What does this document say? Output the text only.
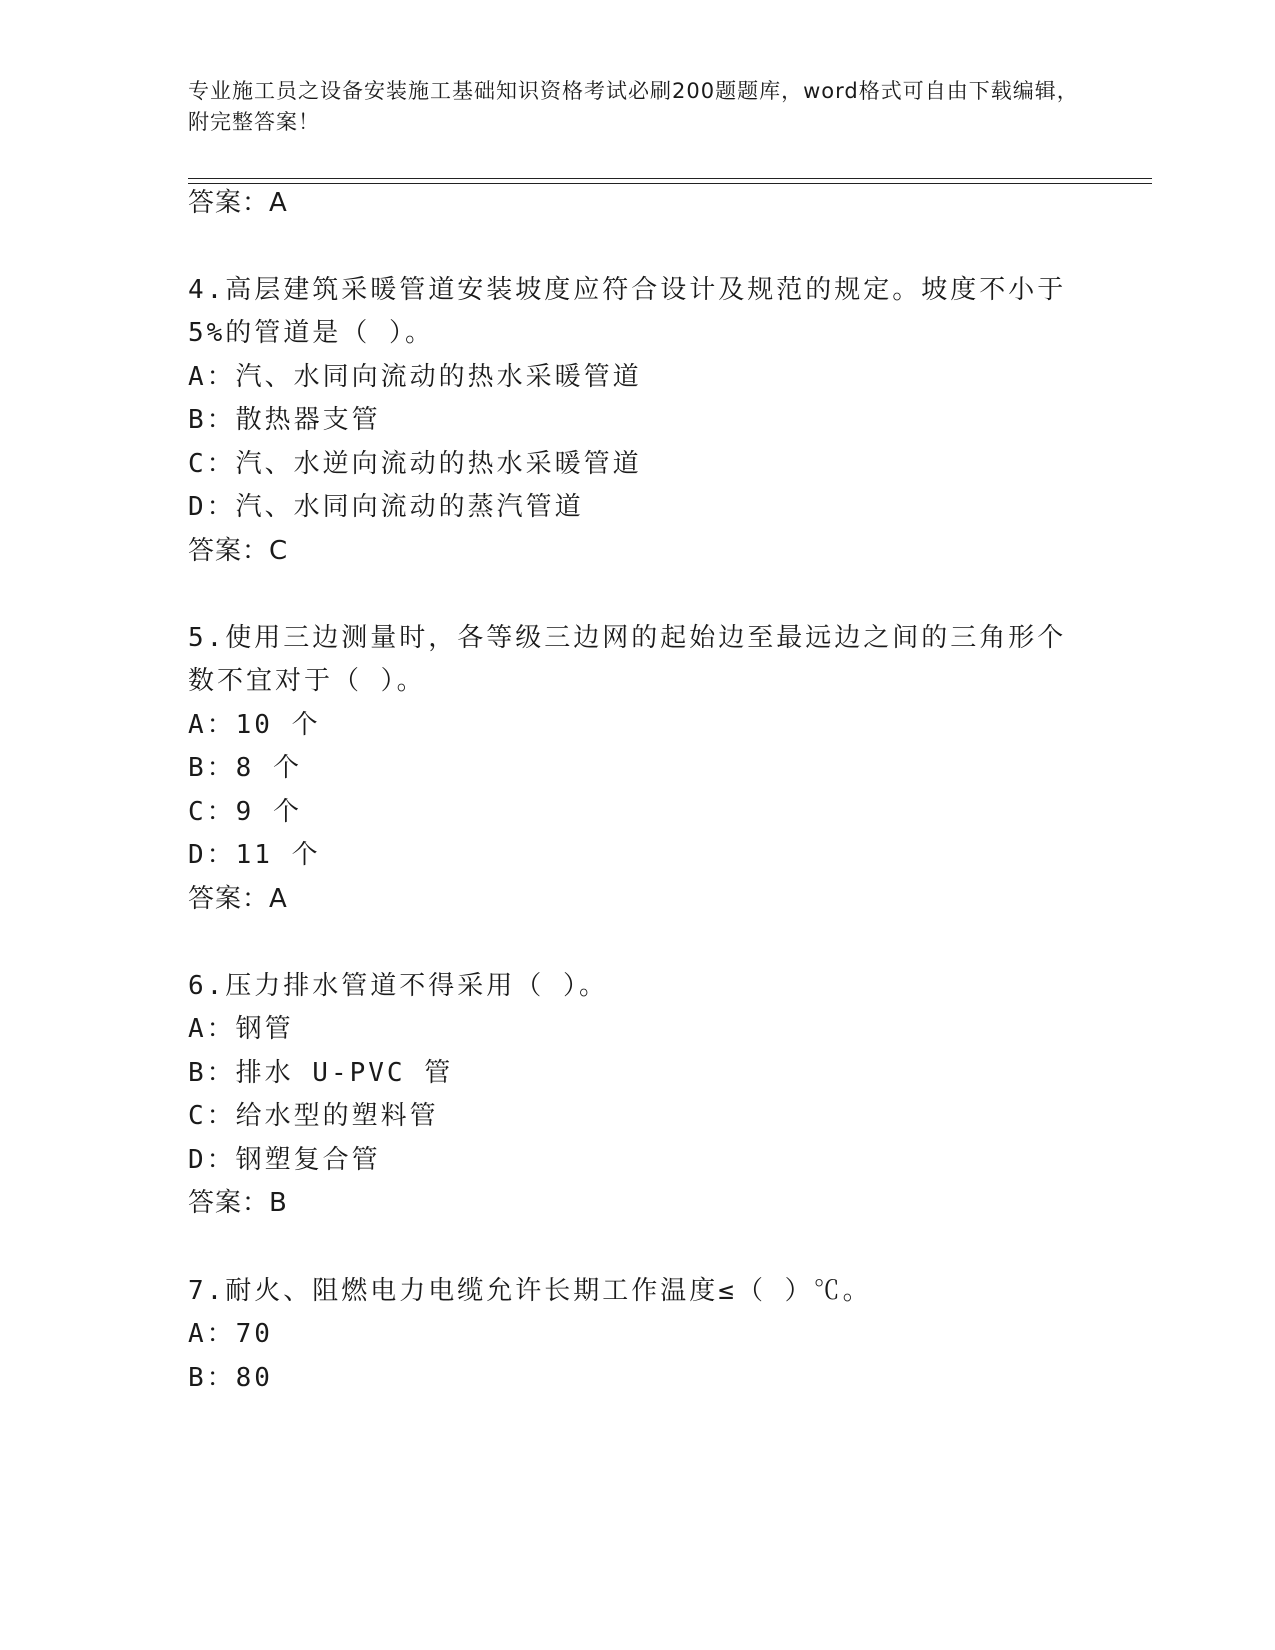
专业施工员之设备安装施工基础知识资格考试必刷200题题库，word格式可自由下载编辑，附完整答案！
答案：A
4.高层建筑采暖管道安装坡度应符合设计及规范的规定。坡度不小于
5%的管道是（ ）。
A：汽、水同向流动的热水采暖管道
B：散热器支管
C：汽、水逆向流动的热水采暖管道
D：汽、水同向流动的蒸汽管道
答案：C
5.使用三边测量时，各等级三边网的起始边至最远边之间的三角形个
数不宜对于（ ）。
A：10 个
B：8 个
C：9 个
D：11 个
答案：A
6.压力排水管道不得采用（ ）。
A：钢管
B：排水 U-PVC 管
C：给水型的塑料管
D：钢塑复合管
答案：B
7.耐火、阻燃电力电缆允许长期工作温度≤（ ）℃。
A：70
B：80
